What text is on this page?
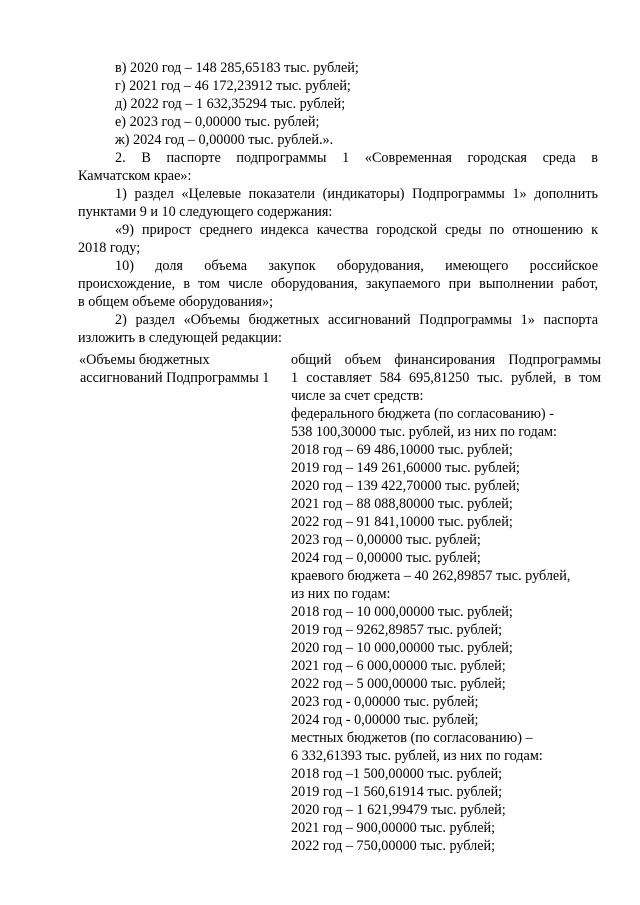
в) 2020 год – 148 285,65183 тыс. рублей;
г) 2021 год – 46 172,23912 тыс. рублей;
д) 2022 год – 1 632,35294 тыс. рублей;
е) 2023 год – 0,00000 тыс. рублей;
ж) 2024 год – 0,00000 тыс. рублей.».
2. В паспорте подпрограммы 1 «Современная городская среда в
Камчатском крае»:
1) раздел «Целевые показатели (индикаторы) Подпрограммы 1» дополнить
пунктами 9 и 10 следующего содержания:
«9) прирост среднего индекса качества городской среды по отношению к
2018 году;
10) доля объема закупок оборудования, имеющего российское
происхождение, в том числе оборудования, закупаемого при выполнении работ,
в общем объеме оборудования»;
2) раздел «Объемы бюджетных ассигнований Подпрограммы 1» паспорта
изложить в следующей редакции:
«Объемы бюджетных
ассигнований Подпрограммы 1
общий объем финансирования Подпрограммы
1 составляет 584 695,81250 тыс. рублей, в том
числе за счет средств:
федерального бюджета (по согласованию) -
538 100,30000 тыс. рублей, из них по годам:
2018 год – 69 486,10000 тыс. рублей;
2019 год – 149 261,60000 тыс. рублей;
2020 год – 139 422,70000 тыс. рублей;
2021 год – 88 088,80000 тыс. рублей;
2022 год – 91 841,10000 тыс. рублей;
2023 год – 0,00000 тыс. рублей;
2024 год – 0,00000 тыс. рублей;
краевого бюджета – 40 262,89857 тыс. рублей,
из них по годам:
2018 год – 10 000,00000 тыс. рублей;
2019 год – 9262,89857 тыс. рублей;
2020 год – 10 000,00000 тыс. рублей;
2021 год – 6 000,00000 тыс. рублей;
2022 год – 5 000,00000 тыс. рублей;
2023 год - 0,00000 тыс. рублей;
2024 год - 0,00000 тыс. рублей;
местных бюджетов (по согласованию) –
6 332,61393 тыс. рублей, из них по годам:
2018 год –1 500,00000 тыс. рублей;
2019 год –1 560,61914 тыс. рублей;
2020 год – 1 621,99479 тыс. рублей;
2021 год – 900,00000 тыс. рублей;
2022 год – 750,00000 тыс. рублей;
